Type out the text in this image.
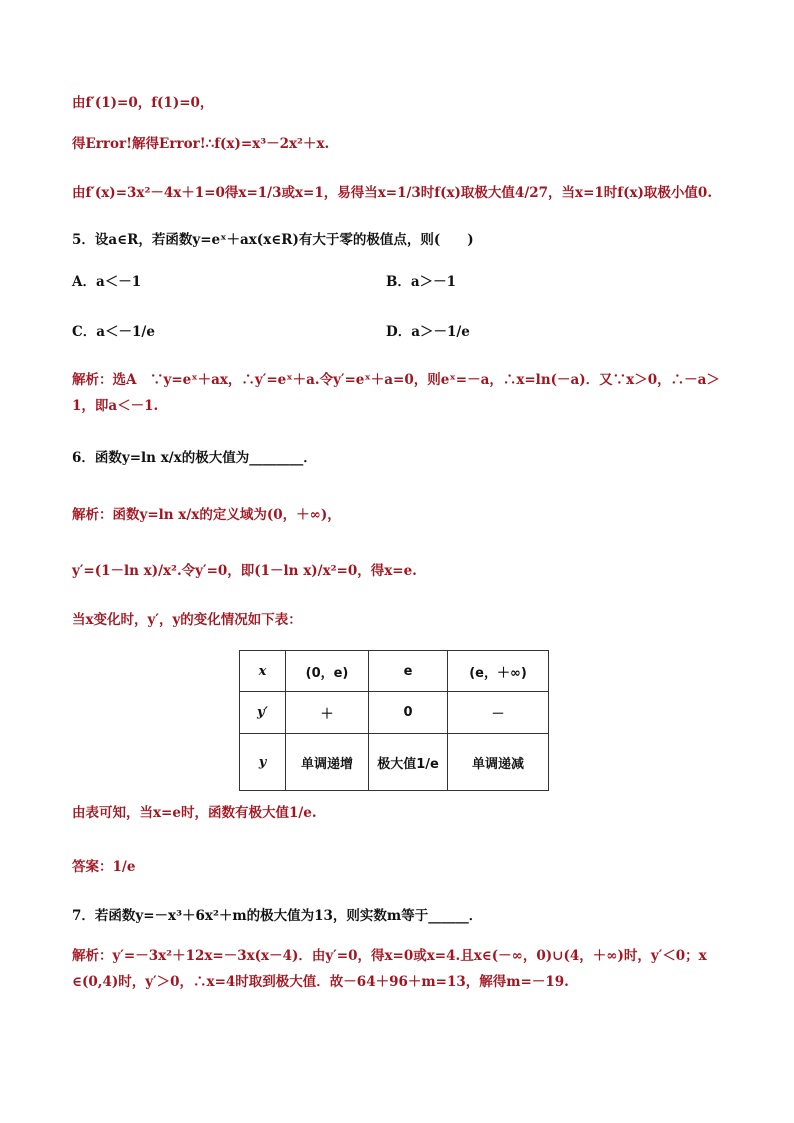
由f′(1)=0，f(1)=0，
得Error!解得Error!∴f(x)=x³－2x²＋x.
由f′(x)=3x²－4x＋1=0得x=1/3或x=1，易得当x=1/3时f(x)取极大值4/27，当x=1时f(x)取极小值0.
5．设a∈R，若函数y=eˣ＋ax(x∈R)有大于零的极值点，则(　　)
A．a＜－1	B．a＞－1
C．a＜－1/e	D．a＞－1/e
解析：选A　∵y=eˣ＋ax，∴y′=eˣ＋a.令y′=eˣ＋a=0，则eˣ=－a，∴x=ln(－a)．又∵x＞0，∴－a＞
1，即a＜－1.
6．函数y=ln x/x的极大值为________．
解析：函数y=ln x/x的定义域为(0，＋∞)，
y′=(1－ln x)/x².令y′=0，即(1－ln x)/x²=0，得x=e.
当x变化时，y′，y的变化情况如下表：
x	(0，e)	e	(e，＋∞)
y′	＋	0	－
y	单调递增	极大值1/e	单调递减
由表可知，当x=e时，函数有极大值1/e.
答案：1/e
7．若函数y=－x³＋6x²＋m的极大值为13，则实数m等于______．
解析：y′=－3x²＋12x=－3x(x－4)．由y′=0，得x=0或x=4.且x∈(－∞，0)∪(4，＋∞)时，y′＜0；x
∈(0,4)时，y′＞0，∴x=4时取到极大值．故－64＋96＋m=13，解得m=－19.
